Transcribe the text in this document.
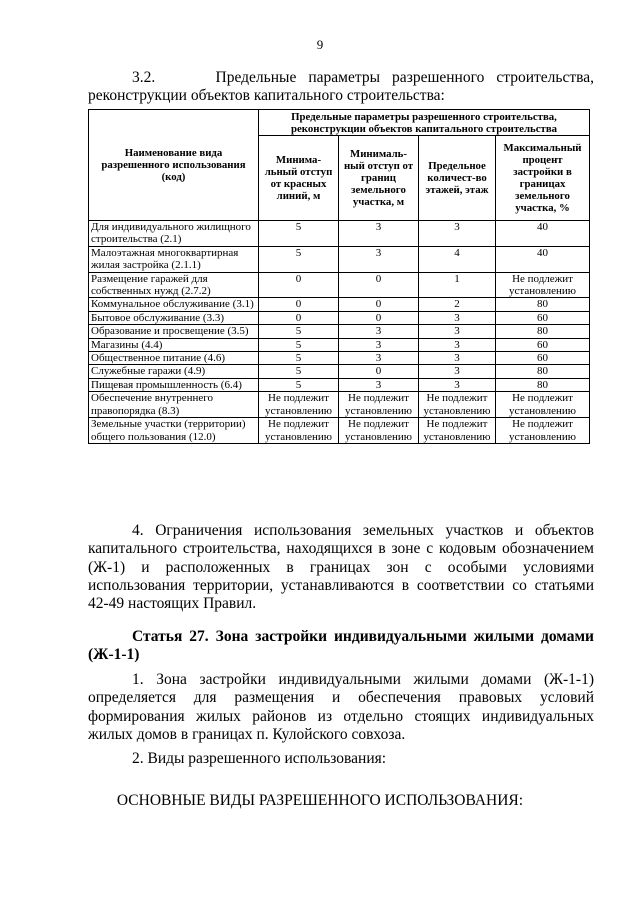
9
3.2.	Предельные параметры разрешенного строительства,
реконструкции объектов капитального строительства:
Наименование вида разрешенного использования (код)	Предельные параметры разрешенного строительства, реконструкции объектов капитального строительства			
	Минима-льный отступ от красных линий, м	Минималь-ный отступ от границ земельного участка, м	Предельное количест-во этажей, этаж	Максимальный процент застройки в границах земельного участка, %
Для индивидуального жилищного строительства (2.1)	5	3	3	40
Малоэтажная многоквартирная жилая застройка (2.1.1)	5	3	4	40
Размещение гаражей для собственных нужд (2.7.2)	0	0	1	Не подлежит установлению
Коммунальное обслуживание (3.1)	0	0	2	80
Бытовое обслуживание (3.3)	0	0	3	60
Образование и просвещение (3.5)	5	3	3	80
Магазины (4.4)	5	3	3	60
Общественное питание (4.6)	5	3	3	60
Служебные гаражи (4.9)	5	0	3	80
Пищевая промышленность (6.4)	5	3	3	80
Обеспечение внутреннего правопорядка (8.3)	Не подлежит установлению	Не подлежит установлению	Не подлежит установлению	Не подлежит установлению
Земельные участки (территории) общего пользования (12.0)	Не подлежит установлению	Не подлежит установлению	Не подлежит установлению	Не подлежит установлению
4. Ограничения использования земельных участков и объектов капитального строительства, находящихся в зоне с кодовым обозначением (Ж-1) и расположенных в границах зон с особыми условиями использования территории, устанавливаются в соответствии со статьями 42-49 настоящих Правил.
Статья 27. Зона застройки индивидуальными жилыми домами (Ж-1-1)
1. Зона застройки индивидуальными жилыми домами (Ж-1-1) определяется для размещения и обеспечения правовых условий формирования жилых районов из отдельно стоящих индивидуальных жилых домов в границах п. Кулойского совхоза.
2. Виды разрешенного использования:
ОСНОВНЫЕ ВИДЫ РАЗРЕШЕННОГО ИСПОЛЬЗОВАНИЯ:
